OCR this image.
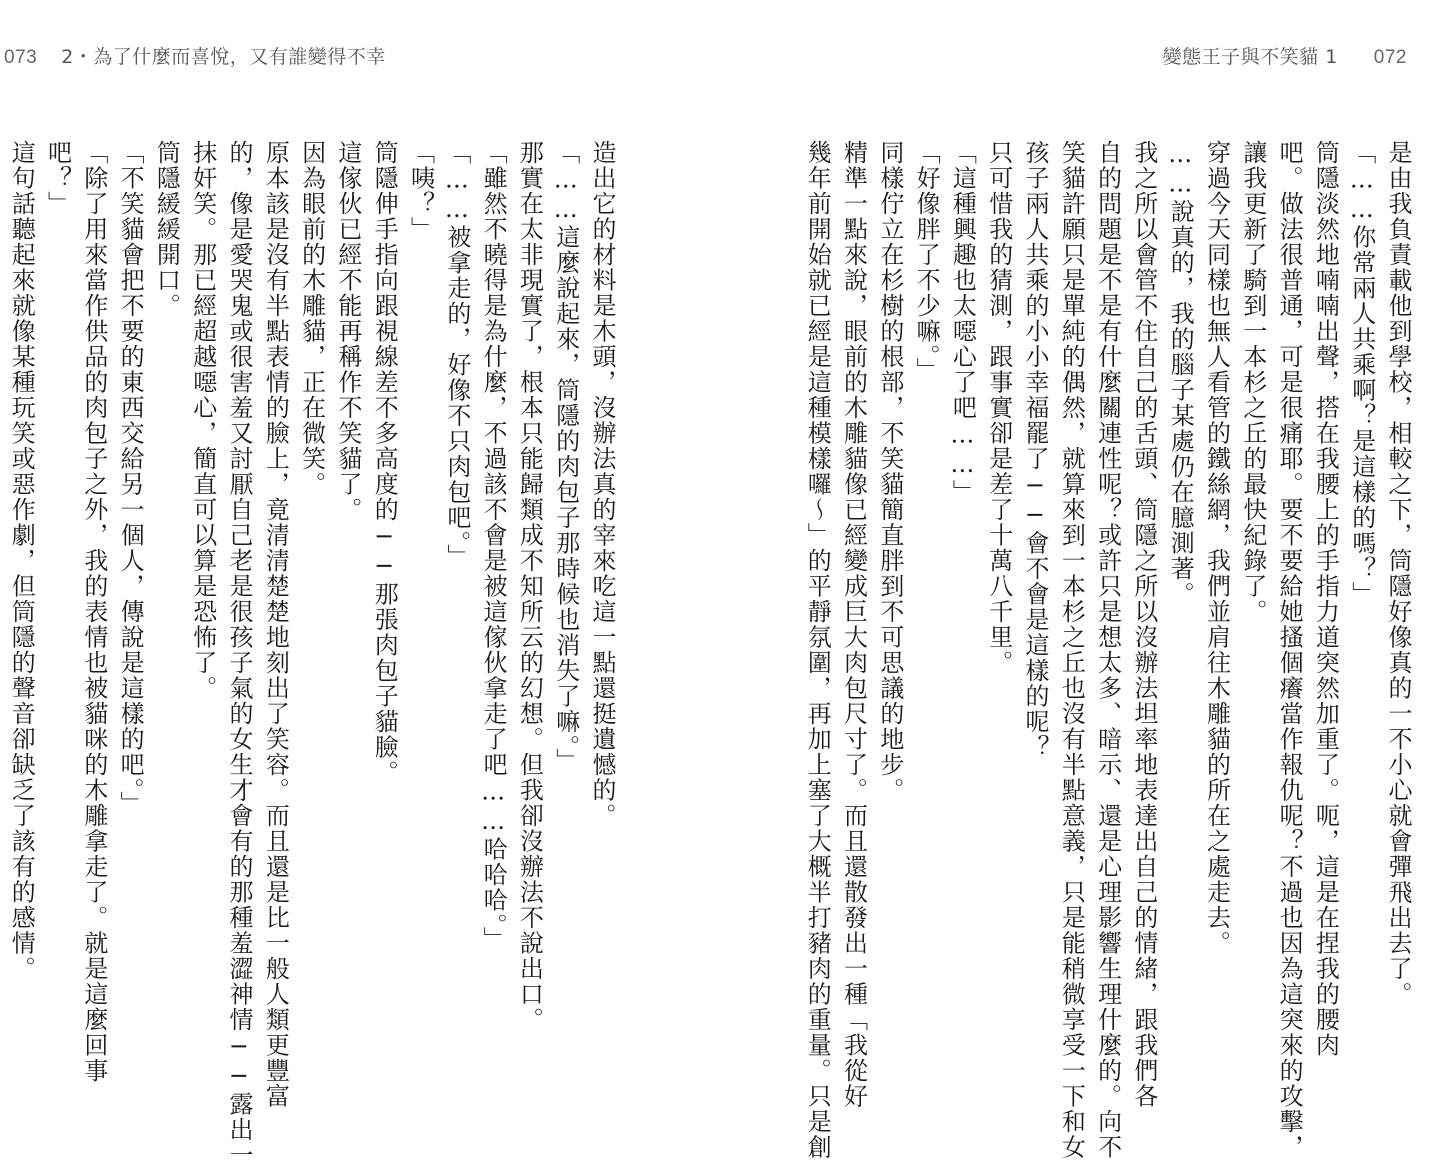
073 2・為了什麼而喜悅，又有誰變得不幸	變態王子與不笑貓 1 072
是由我負責載他到學校，相較之下，筒隱好像真的一不小心就會彈飛出去了。
「……你常兩人共乘啊？是這樣的嗎？」
筒隱淡然地喃喃出聲，搭在我腰上的手指力道突然加重了。呃，這是在捏我的腰肉
吧。做法很普通，可是很痛耶。要不要給她搔個癢當作報仇呢？不過也因為這突來的攻擊，
讓我更新了騎到一本杉之丘的最快紀錄了。
穿過今天同樣也無人看管的鐵絲網，我們並肩往木雕貓的所在之處走去。
……說真的，我的腦子某處仍在臆測著。
我之所以會管不住自己的舌頭、筒隱之所以沒辦法坦率地表達出自己的情緒，跟我們各
自的問題是不是有什麼關連性呢？或許只是想太多、暗示、還是心理影響生理什麼的。向不
笑貓許願只是單純的偶然，就算來到一本杉之丘也沒有半點意義，只是能稍微享受一下和女
孩子兩人共乘的小小幸福罷了──會不會是這樣的呢？
只可惜我的猜測，跟事實卻是差了十萬八千里。
「這種興趣也太噁心了吧……」
「好像胖了不少嘛。」
同樣佇立在杉樹的根部，不笑貓簡直胖到不可思議的地步。
精準一點來說，眼前的木雕貓像已經變成巨大肉包尺寸了。而且還散發出一種「我從好
幾年前開始就已經是這種模樣囉～」的平靜氛圍，再加上塞了大概半打豬肉的重量。只是創
造出它的材料是木頭，沒辦法真的宰來吃這一點還挺遺憾的。
「……這麼說起來，筒隱的肉包子那時候也消失了嘛。」
那實在太非現實了，根本只能歸類成不知所云的幻想。但我卻沒辦法不說出口。
「雖然不曉得是為什麼，不過該不會是被這傢伙拿走了吧……哈哈哈。」
「……被拿走的，好像不只肉包吧。」
「咦？」
筒隱伸手指向跟視線差不多高度的──那張肉包子貓臉。
這傢伙已經不能再稱作不笑貓了。
因為眼前的木雕貓，正在微笑。
原本該是沒有半點表情的臉上，竟清清楚楚地刻出了笑容。而且還是比一般人類更豐富
的，像是愛哭鬼或很害羞又討厭自己老是很孩子氣的女生才會有的那種羞澀神情──露出一
抹奸笑。那已經超越噁心，簡直可以算是恐怖了。
筒隱緩緩開口。
「不笑貓會把不要的東西交給另一個人，傳說是這樣的吧。」
「除了用來當作供品的肉包子之外，我的表情也被貓咪的木雕拿走了。就是這麼回事
吧？」
這句話聽起來就像某種玩笑或惡作劇，但筒隱的聲音卻缺乏了該有的感情。
